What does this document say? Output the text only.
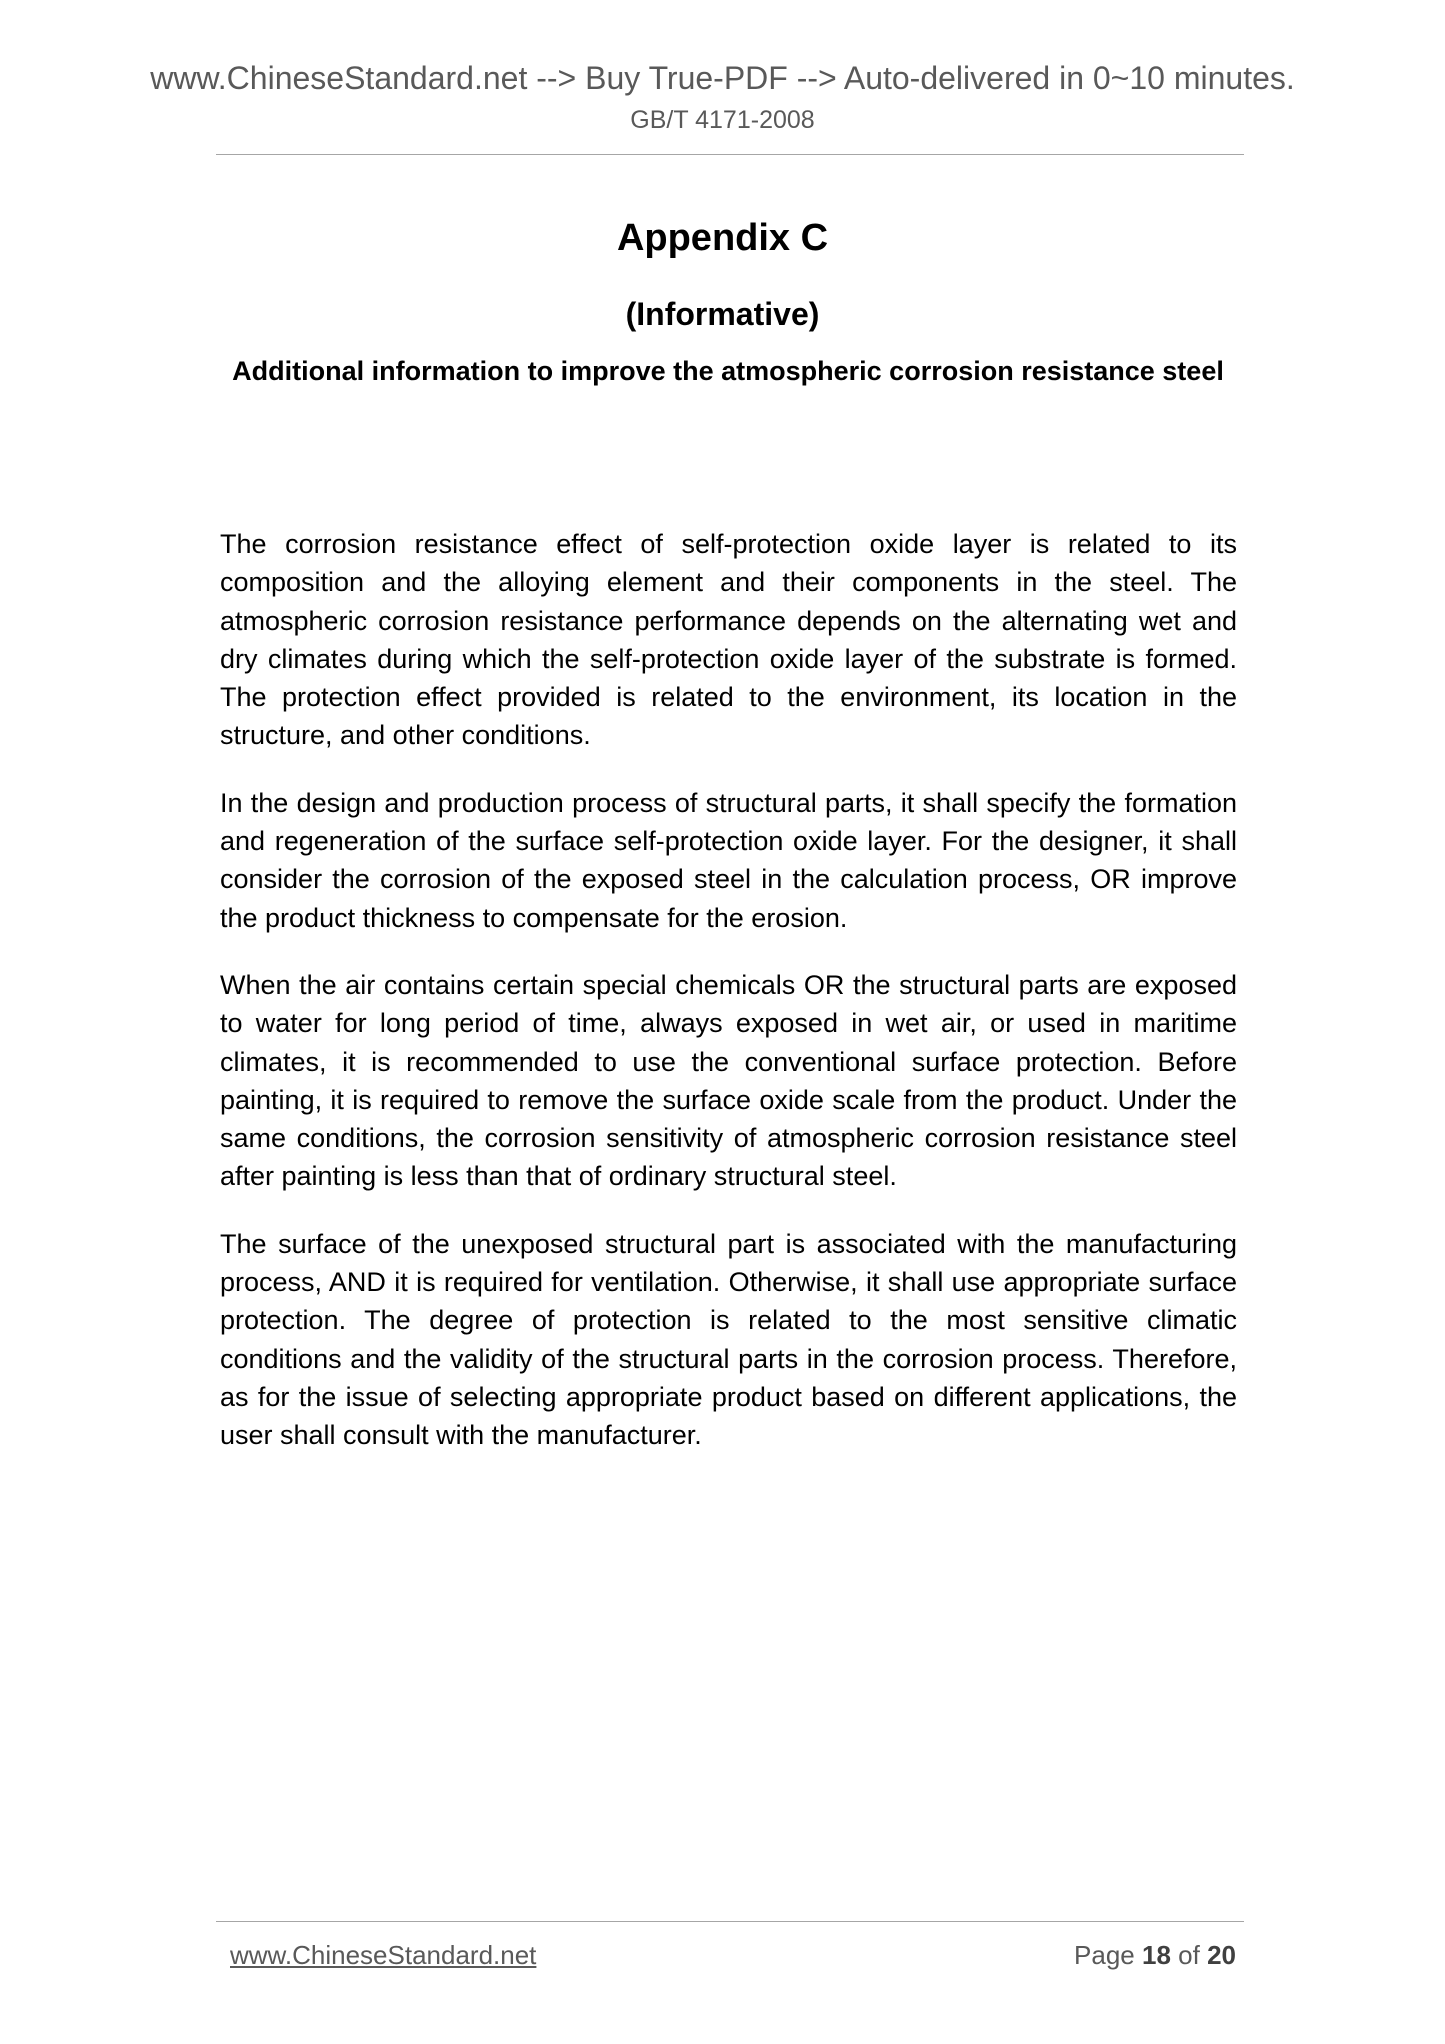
www.ChineseStandard.net --> Buy True-PDF --> Auto-delivered in 0~10 minutes.
GB/T 4171-2008
Appendix C
(Informative)
Additional information to improve the atmospheric corrosion resistance steel

The corrosion resistance effect of self-protection oxide layer is related to its composition and the alloying element and their components in the steel. The atmospheric corrosion resistance performance depends on the alternating wet and dry climates during which the self-protection oxide layer of the substrate is formed. The protection effect provided is related to the environment, its location in the structure, and other conditions.

In the design and production process of structural parts, it shall specify the formation and regeneration of the surface self-protection oxide layer. For the designer, it shall consider the corrosion of the exposed steel in the calculation process, OR improve the product thickness to compensate for the erosion.

When the air contains certain special chemicals OR the structural parts are exposed to water for long period of time, always exposed in wet air, or used in maritime climates, it is recommended to use the conventional surface protection. Before painting, it is required to remove the surface oxide scale from the product. Under the same conditions, the corrosion sensitivity of atmospheric corrosion resistance steel after painting is less than that of ordinary structural steel.

The surface of the unexposed structural part is associated with the manufacturing process, AND it is required for ventilation. Otherwise, it shall use appropriate surface protection. The degree of protection is related to the most sensitive climatic conditions and the validity of the structural parts in the corrosion process. Therefore, as for the issue of selecting appropriate product based on different applications, the user shall consult with the manufacturer.

www.ChineseStandard.net	Page 18 of 20
